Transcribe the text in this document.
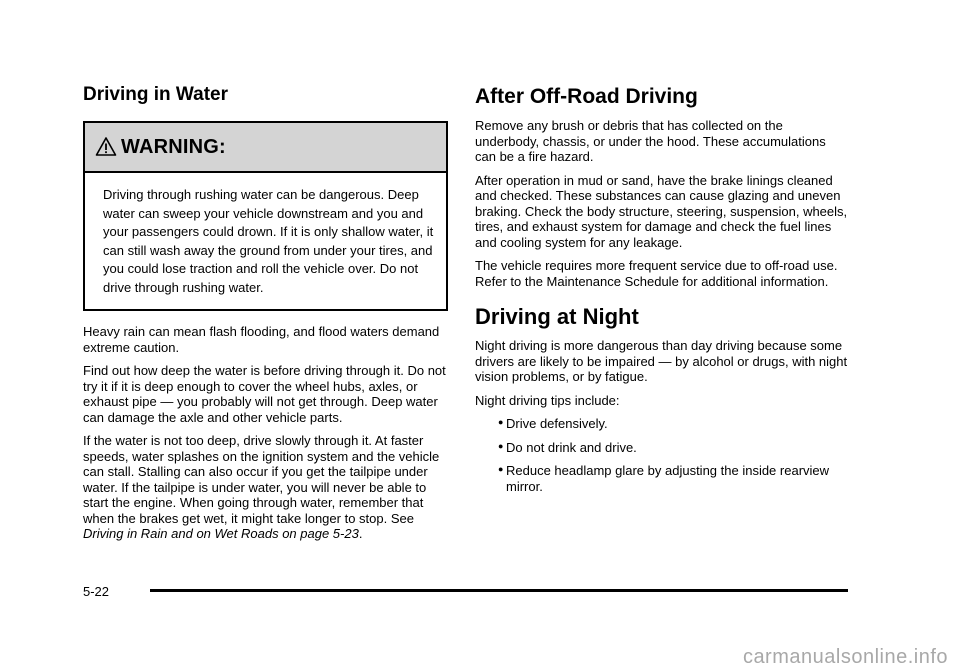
Driving in Water
WARNING:
Driving through rushing water can be dangerous. Deep water can sweep your vehicle downstream and you and your passengers could drown. If it is only shallow water, it can still wash away the ground from under your tires, and you could lose traction and roll the vehicle over. Do not drive through rushing water.

Heavy rain can mean flash flooding, and flood waters demand extreme caution.

Find out how deep the water is before driving through it. Do not try it if it is deep enough to cover the wheel hubs, axles, or exhaust pipe — you probably will not get through. Deep water can damage the axle and other vehicle parts.

If the water is not too deep, drive slowly through it. At faster speeds, water splashes on the ignition system and the vehicle can stall. Stalling can also occur if you get the tailpipe under water. If the tailpipe is under water, you will never be able to start the engine. When going through water, remember that when the brakes get wet, it might take longer to stop. See Driving in Rain and on Wet Roads on page 5-23.

After Off-Road Driving

Remove any brush or debris that has collected on the underbody, chassis, or under the hood. These accumulations can be a fire hazard.

After operation in mud or sand, have the brake linings cleaned and checked. These substances can cause glazing and uneven braking. Check the body structure, steering, suspension, wheels, tires, and exhaust system for damage and check the fuel lines and cooling system for any leakage.

The vehicle requires more frequent service due to off-road use. Refer to the Maintenance Schedule for additional information.

Driving at Night

Night driving is more dangerous than day driving because some drivers are likely to be impaired — by alcohol or drugs, with night vision problems, or by fatigue.

Night driving tips include:

● Drive defensively.
● Do not drink and drive.
● Reduce headlamp glare by adjusting the inside rearview mirror.
5-22
carmanualsonline.info
